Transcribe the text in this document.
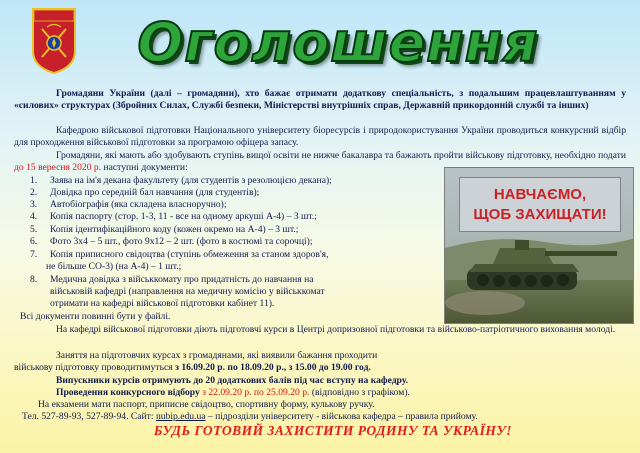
Оголошення
Громадяни України (далі – громадяни), хто бажає отримати додаткову спеціальність, з подальшим працевлаштуванням у «силових» структурах (Збройних Силах, Службі безпеки, Міністерстві внутрішніх справ, Державній прикордонній службі та інших)
Кафедрою військової підготовки Національного університету біоресурсів і природокористування України проводиться конкурсний відбір для проходження військової підготовки за програмою офіцера запасу.
Громадяни, які мають або здобувають ступінь вищої освіти не нижче бакалавра та бажають пройти військову підготовку, необхідно подати до 15 вересня 2020 р. наступні документи:
1. Заява на ім'я декана факультету (для студентів з резолюцією декана);
2. Довідка про середній бал навчання (для студентів);
3. Автобіографія (яка складена власноручно);
4. Копія паспорту (стор. 1-3, 11 - все на одному аркуші А-4) – 3 шт.;
5. Копія ідентифікаційного коду (кожен окремо на А-4) – 3 шт.;
6. Фото 3х4 – 5 шт., фото 9х12 – 2 шт. (фото в костюмі та сорочці);
7. Копія приписного свідоцтва (ступінь обмеження за станом здоров'я,
не більше СО-3) (на А-4) – 1 шт.;
8. Медична довідка з військкомату про придатність до навчання на
військовій кафедрі (направлення на медичну комісію у військкомат
отримати на кафедрі військової підготовки кабінет 11).
Всі документи повинні бути у файлі.
НАВЧАЄМО,
ЩОБ ЗАХИЩАТИ!
На кафедрі військової підготовки діють підготовчі курси в Центрі допризовної підготовки та військово-патріотичного виховання молоді.
Заняття на підготовчих курсах з громадянами, які виявили бажання проходити
військову підготовку проводитимуться з 16.09.20 р. по 18.09.20 р., з 15.00 до 19.00 год.
Випускники курсів отримують до 20 додаткових балів під час вступу на кафедру.
Проведення конкурсного відбору з 22.09.20 р. по 25.09.20 р. (відповідно з графіком).
На екзамени мати паспорт, приписне свідоцтво, спортивну форму, кулькову ручку.
Тел. 527-89-93, 527-89-94. Сайт: nubip.edu.ua – підрозділи університету - військова кафедра – правила прийому.
БУДЬ ГОТОВИЙ ЗАХИСТИТИ РОДИНУ ТА УКРАЇНУ!
